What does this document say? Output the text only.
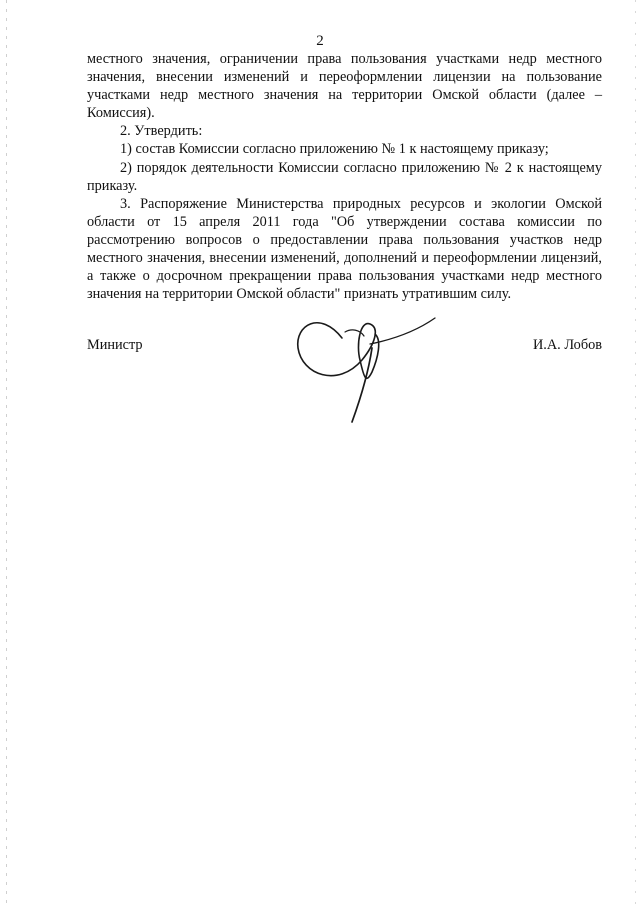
2

местного значения, ограничении права пользования участками недр местного значения, внесении изменений и переоформлении лицензии на пользование участками недр местного значения на территории Омской области (далее – Комиссия).

2. Утвердить:

1) состав Комиссии согласно приложению № 1 к настоящему приказу;

2) порядок деятельности Комиссии согласно приложению № 2 к настоящему приказу.

3. Распоряжение Министерства природных ресурсов и экологии Омской области от 15 апреля 2011 года "Об утверждении состава комиссии по рассмотрению вопросов о предоставлении права пользования участков недр местного значения, внесении изменений, дополнений и переоформлении лицензий, а также о досрочном прекращении права пользования участками недр местного значения на территории Омской области" признать утратившим силу.

Министр	И.А. Лобов
